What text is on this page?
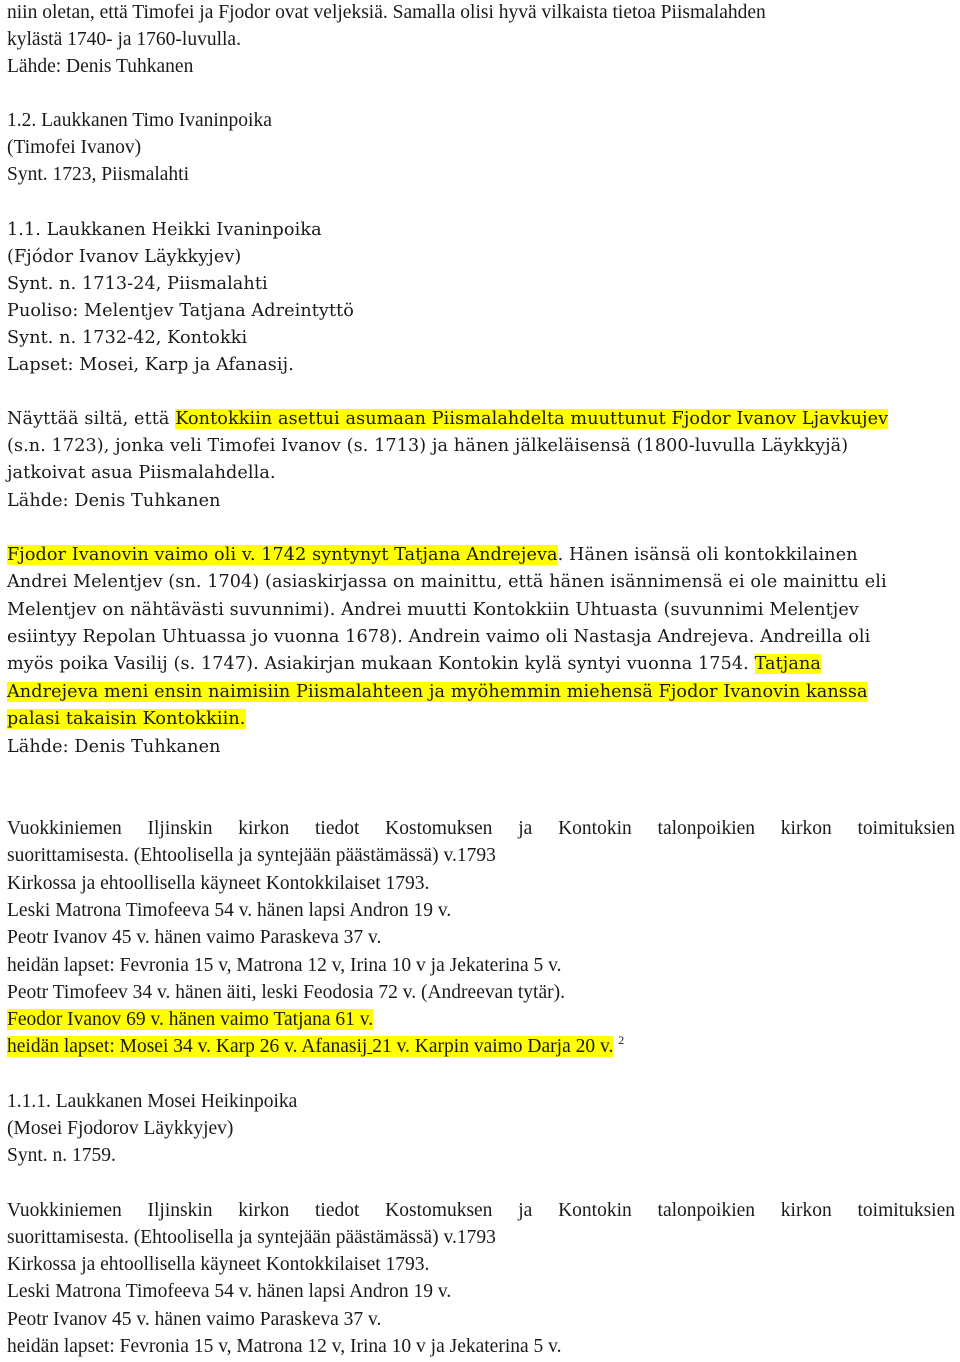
niin oletan, että Timofei ja Fjodor ovat veljeksiä. Samalla olisi hyvä vilkaista tietoa Piismalahden
kylästä 1740- ja 1760-luvulla.
Lähde: Denis Tuhkanen
1.2. Laukkanen Timo Ivaninpoika
(Timofei Ivanov)
Synt. 1723, Piismalahti
1.1. Laukkanen Heikki Ivaninpoika
(Fjódor Ivanov Läykkyjev)
Synt. n. 1713-24, Piismalahti
Puoliso: Melentjev Tatjana Adreintyttö
Synt. n. 1732-42, Kontokki
Lapset: Mosei, Karp ja Afanasij.
Näyttää siltä, että Kontokkiin asettui asumaan Piismalahdelta muuttunut Fjodor Ivanov Ljavkujev
(s.n. 1723), jonka veli Timofei Ivanov (s. 1713) ja hänen jälkeläisensä (1800-luvulla Läykkyjä)
jatkoivat asua Piismalahdella.
Lähde: Denis Tuhkanen
Fjodor Ivanovin vaimo oli v. 1742 syntynyt Tatjana Andrejeva. Hänen isänsä oli kontokkilainen
Andrei Melentjev (sn. 1704) (asiaskirjassa on mainittu, että hänen isännimensä ei ole mainittu eli
Melentjev on nähtävästi suvunnimi). Andrei muutti Kontokkiin Uhtuasta (suvunnimi Melentjev
esiintyy Repolan Uhtuassa jo vuonna 1678). Andrein vaimo oli Nastasja Andrejeva. Andreilla oli
myös poika Vasilij (s. 1747). Asiakirjan mukaan Kontokin kylä syntyi vuonna 1754. Tatjana
Andrejeva meni ensin naimisiin Piismalahteen ja myöhemmin miehensä Fjodor Ivanovin kanssa
palasi takaisin Kontokkiin.
Lähde: Denis Tuhkanen
Vuokkiniemen Iljinskin kirkon tiedot Kostomuksen ja Kontokin talonpoikien kirkon toimituksien
suorittamisesta. (Ehtoolisella ja syntejään päästämässä) v.1793
Kirkossa ja ehtoollisella käyneet Kontokkilaiset 1793.
Leski Matrona Timofeeva 54 v. hänen lapsi Andron 19 v.
Peotr Ivanov 45 v. hänen vaimo Paraskeva 37 v.
heidän lapset: Fevronia 15 v, Matrona 12 v, Irina 10 v ja Jekaterina 5 v.
Peotr Timofeev 34 v. hänen äiti, leski Feodosia 72 v. (Andreevan tytär).
Feodor Ivanov 69 v. hänen vaimo Tatjana 61 v.
heidän lapset: Mosei 34 v. Karp 26 v. Afanasij 21 v. Karpin vaimo Darja 20 v. $^2$
1.1.1. Laukkanen Mosei Heikinpoika
(Mosei Fjodorov Läykkyjev)
Synt. n. 1759.
Vuokkiniemen Iljinskin kirkon tiedot Kostomuksen ja Kontokin talonpoikien kirkon toimituksien
suorittamisesta. (Ehtoolisella ja syntejään päästämässä) v.1793
Kirkossa ja ehtoollisella käyneet Kontokkilaiset 1793.
Leski Matrona Timofeeva 54 v. hänen lapsi Andron 19 v.
Peotr Ivanov 45 v. hänen vaimo Paraskeva 37 v.
heidän lapset: Fevronia 15 v, Matrona 12 v, Irina 10 v ja Jekaterina 5 v.
